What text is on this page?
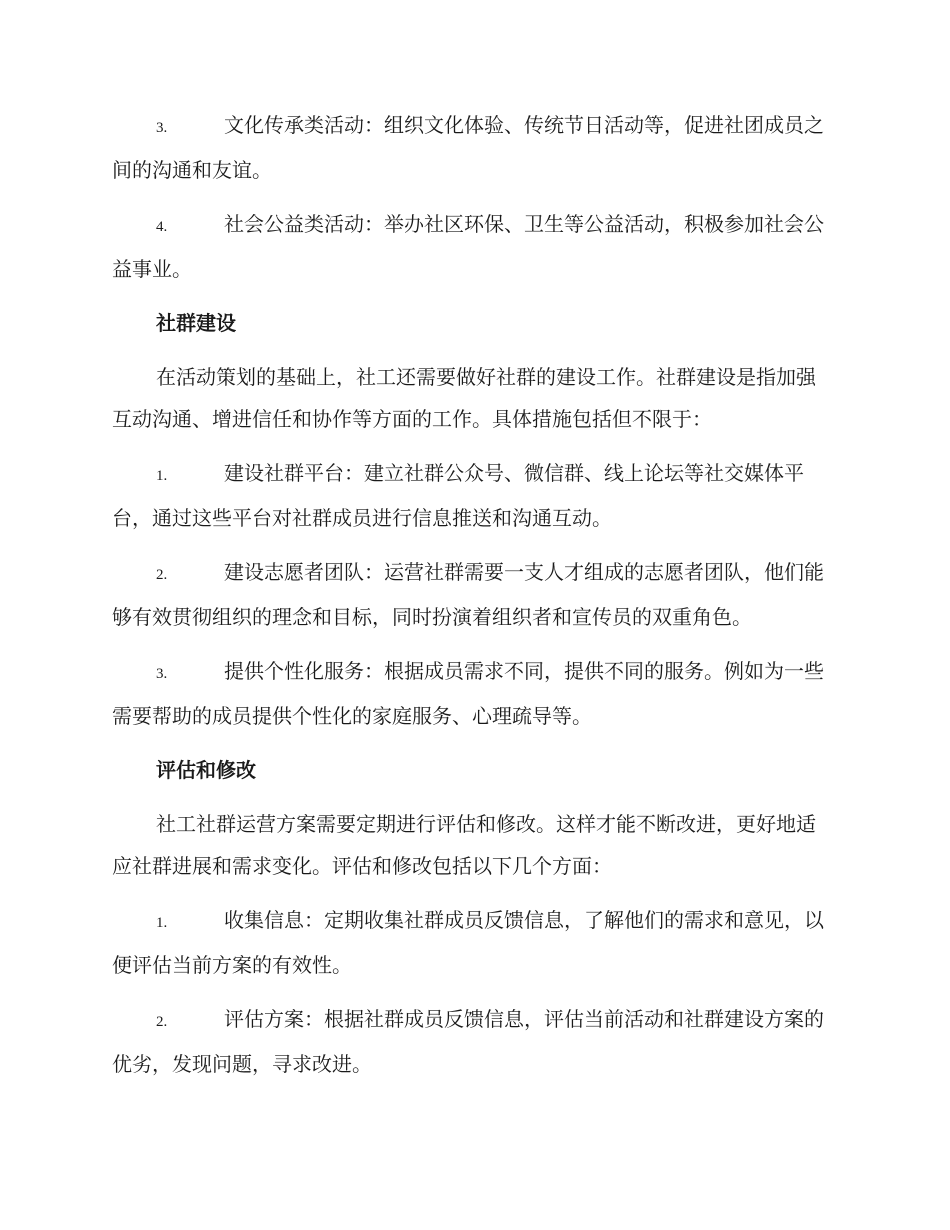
3.	文化传承类活动：组织文化体验、传统节日活动等，促进社团成员之间的沟通和友谊。

4.	社会公益类活动：举办社区环保、卫生等公益活动，积极参加社会公益事业。

社群建设

在活动策划的基础上，社工还需要做好社群的建设工作。社群建设是指加强互动沟通、增进信任和协作等方面的工作。具体措施包括但不限于：

1.	建设社群平台：建立社群公众号、微信群、线上论坛等社交媒体平台，通过这些平台对社群成员进行信息推送和沟通互动。

2.	建设志愿者团队：运营社群需要一支人才组成的志愿者团队，他们能够有效贯彻组织的理念和目标，同时扮演着组织者和宣传员的双重角色。

3.	提供个性化服务：根据成员需求不同，提供不同的服务。例如为一些需要帮助的成员提供个性化的家庭服务、心理疏导等。

评估和修改

社工社群运营方案需要定期进行评估和修改。这样才能不断改进，更好地适应社群进展和需求变化。评估和修改包括以下几个方面：

1.	收集信息：定期收集社群成员反馈信息，了解他们的需求和意见，以便评估当前方案的有效性。

2.	评估方案：根据社群成员反馈信息，评估当前活动和社群建设方案的优劣，发现问题，寻求改进。
